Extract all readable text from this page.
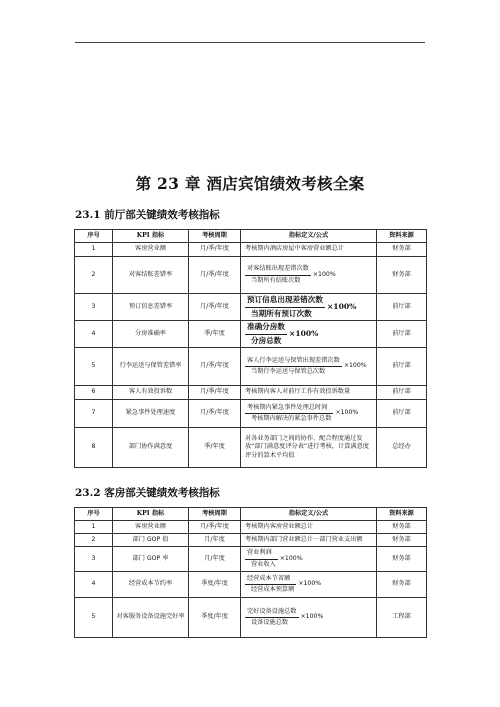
第 23 章 酒店宾馆绩效考核全案
23.1 前厅部关键绩效考核指标
序号	KPI 指标	考核周期	指标定义/公式	资料来源
1	客房营业额	月/季/年度	考核期内酒店房屋中客房营业额总计	财务部
2	对客结账差错率	月/季/年度	$\frac{\text{对客结账出现差错次数}}{\text{当期所有结账次数}} \times 100\%$	财务部
3	预订信息差错率	月/季/年度	$\frac{\text{预订信息出现差错次数}}{\text{当期所有预订次数}} \times 100\%$	前厅部
4	分房准确率	季/年度	$\frac{\text{准确分房数}}{\text{分房总数}} \times 100\%$	前厅部
5	行李运送与保管差错率	月/季/年度	$\frac{\text{客人行李运送与保管出现差错次数}}{\text{当期行李运送与保管总次数}} \times 100\%$	前厅部
6	客人有效投诉数	月/季/年度	考核期内客人对前厅工作有效投诉数量	前厅部
7	紧急事件处理速度	月/季/年度	$\frac{\text{考核期内紧急事件处理总时间}}{\text{考核期内解决的紧急事件总数}} \times 100\%$	前厅部
8	部门协作满意度	季/年度	对各业务部门之间的协作、配合程度通过发放“部门满意度评分表”进行考核，计算满意度评分的算术平均值	总经办
23.2 客房部关键绩效考核指标
序号	KPI 指标	考核周期	指标定义/公式	资料来源
1	客房营业额	月/季/年度	考核期内客房营业额总计	财务部
2	部门 GOP 值	月/年度	考核期内部门营业额总计－部门营业支出额	财务部
3	部门 GOP 率	月/年度	$\frac{\text{营业利润}}{\text{营业收入}} \times 100\%$	财务部
4	经营成本节约率	季度/年度	$\frac{\text{经营成本节省额}}{\text{经营成本预算额}} \times 100\%$	财务部
5	对客服务设备设施完好率	季度/年度	$\frac{\text{完好设备设施总数}}{\text{设备设施总数}} \times 100\%$	工程部
